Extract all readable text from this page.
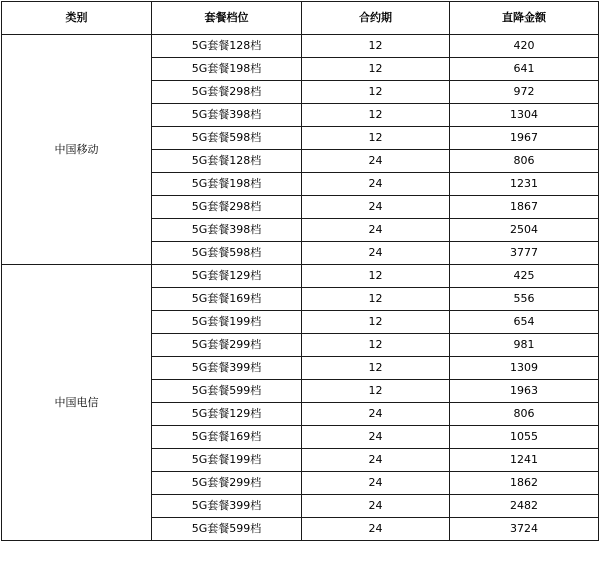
类别	套餐档位	合约期	直降金额
中国移动	5G套餐128档	12	420
	5G套餐198档	12	641
	5G套餐298档	12	972
	5G套餐398档	12	1304
	5G套餐598档	12	1967
	5G套餐128档	24	806
	5G套餐198档	24	1231
	5G套餐298档	24	1867
	5G套餐398档	24	2504
	5G套餐598档	24	3777
中国电信	5G套餐129档	12	425
	5G套餐169档	12	556
	5G套餐199档	12	654
	5G套餐299档	12	981
	5G套餐399档	12	1309
	5G套餐599档	12	1963
	5G套餐129档	24	806
	5G套餐169档	24	1055
	5G套餐199档	24	1241
	5G套餐299档	24	1862
	5G套餐399档	24	2482
	5G套餐599档	24	3724
